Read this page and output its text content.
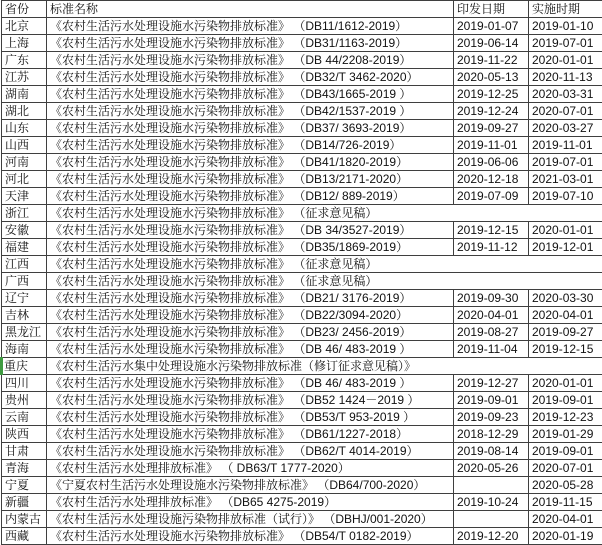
省份	标准名称	印发日期	实施时期
北京	《农村生活污水处理设施水污染物排放标准》 （DB11/1612-2019）	2019-01-07	2019-01-10
上海	《农村生活污水处理设施水污染物排放标准》 （DB31/1163-2019）	2019-06-14	2019-07-01
广东	《农村生活污水处理设施水污染物排放标准》 （DB 44/2208-2019）	2019-11-22	2020-01-01
江苏	《农村生活污水处理设施水污染物排放标准》 （DB32/T 3462-2020）	2020-05-13	2020-11-13
湖南	《农村生活污水处理设施水污染物排放标准》 （DB43/1665-2019 ）	2019-12-25	2020-03-31
湖北	《农村生活污水处理设施水污染物排放标准》 （DB42/1537-2019 ）	2019-12-24	2020-07-01
山东	《农村生活污水处理设施水污染物排放标准》 （DB37/ 3693-2019）	2019-09-27	2020-03-27
山西	《农村生活污水处理设施水污染物排放标准》 （DB14/726-2019）	2019-11-01	2019-11-01
河南	《农村生活污水处理设施水污染物排放标准》 （DB41/1820-2019）	2019-06-06	2019-07-01
河北	《农村生活污水处理设施水污染物排放标准》 （DB13/2171-2020）	2020-12-18	2021-03-01
天津	《农村生活污水处理设施水污染物排放标准》 （DB12/ 889-2019）	2019-07-09	2019-07-10
浙江	《农村生活污水处理设施水污染物排放标准》 （征求意见稿）		
安徽	《农村生活污水处理设施水污染物排放标准》 （DB 34/3527-2019）	2019-12-15	2020-01-01
福建	《农村生活污水处理设施水污染物排放标准》 （DB35/1869-2019）	2019-11-12	2019-12-01
江西	《农村生活污水处理设施水污染物排放标准》 （征求意见稿）		
广西	《农村生活污水处理设施水污染物排放标准》 （征求意见稿）		
辽宁	《农村生活污水处理设施水污染物排放标准》 （DB21/ 3176-2019）	2019-09-30	2020-03-30
吉林	《农村生活污水处理设施水污染物排放标准》 （DB22/3094-2020）	2020-04-01	2020-04-01
黑龙江	《农村生活污水处理设施水污染物排放标准》 （DB23/ 2456-2019）	2019-08-27	2019-09-27
海南	《农村生活污水处理设施水污染物排放标准》 （DB 46/ 483-2019 ）	2019-11-04	2019-12-15
重庆	《农村生活污水集中处理设施水污染物排放标准（修订征求意见稿）》		
四川	《农村生活污水处理设施水污染物排放标准》 （DB 46/ 483-2019 ）	2019-12-27	2020-01-01
贵州	《农村生活污水处理设施水污染物排放标准》 （DB52 1424－2019 ）	2019-09-01	2019-09-01
云南	《农村生活污水处理设施水污染物排放标准》 （DB53/T 953-2019 ）	2019-09-23	2019-12-23
陕西	《农村生活污水处理设施水污染物排放标准》 （DB61/1227-2018）	2018-12-29	2019-01-29
甘肃	《农村生活污水处理设施水污染物排放标准》 （DB62/T 4014-2019）	2019-08-14	2019-09-01
青海	《农村生活污水处理排放标准》 （ DB63/T 1777-2020）	2020-05-26	2020-07-01
宁夏	《宁夏农村生活污水处理设施水污染物排放标准》 （DB64/700-2020）		2020-05-28
新疆	《农村生活污水处理排放标准》 （DB65 4275-2019）	2019-10-24	2019-11-15
内蒙古	《农村生活污水处理设施污染物排放标准（试行）》 （DBHJ/001-2020）		2020-04-01
西藏	《农村生活污水处理设施水污染物排放标准》 （DB54/T 0182-2019）	2019-12-20	2020-01-19
